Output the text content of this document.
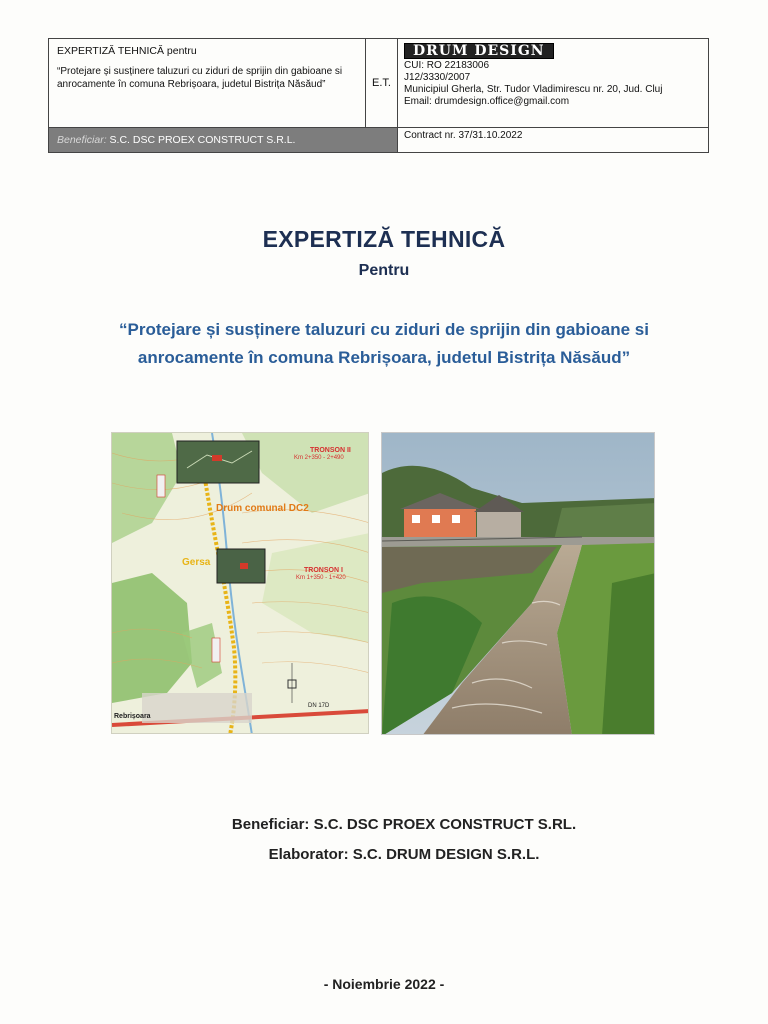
EXPERTIZĂ TEHNICĂ pentru
“Protejare și susținere taluzuri cu ziduri de sprijin din gabioane si anrocamente în comuna Rebrișoara, judetul Bistrița Năsăud”	E.T.
DRUM DESIGN
CUI: RO 22183006
J12/3330/2007
Municipiul Gherla, Str. Tudor Vladimirescu nr. 20, Jud. Cluj
Email: drumdesign.office@gmail.com
Beneficiar: S.C. DSC PROEX CONSTRUCT S.R.L.	Contract nr. 37/31.10.2022
EXPERTIZĂ TEHNICĂ
Pentru
“Protejare și susținere taluzuri cu ziduri de sprijin din gabioane si anrocamente în comuna Rebrișoara, judetul Bistrița Năsăud”
Drum comunal DC2
TRONSON II
Km 2+350 - 2+490
TRONSON I
Km 1+350 - 1+420
Gersa
Rebrișoara
DN 17D
Beneficiar: S.C. DSC PROEX CONSTRUCT S.RL.
Elaborator: S.C. DRUM DESIGN S.R.L.
- Noiembrie 2022 -
